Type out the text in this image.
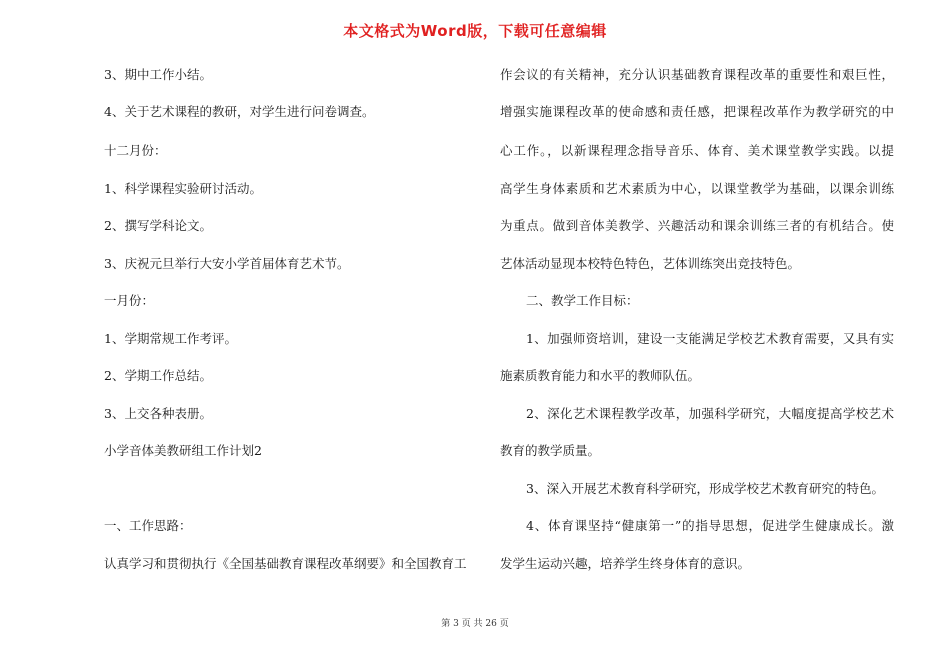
本文格式为Word版，下载可任意编辑
3、期中工作小结。
4、关于艺术课程的教研，对学生进行问卷调查。
十二月份：
1、科学课程实验研讨活动。
2、撰写学科论文。
3、庆祝元旦举行大安小学首届体育艺术节。
一月份：
1、学期常规工作考评。
2、学期工作总结。
3、上交各种表册。
小学音体美教研组工作计划2
一、工作思路：
认真学习和贯彻执行《全国基础教育课程改革纲要》和全国教育工
作会议的有关精神，充分认识基础教育课程改革的重要性和艰巨性，
增强实施课程改革的使命感和责任感，把课程改革作为教学研究的中
心工作。，以新课程理念指导音乐、体育、美术课堂教学实践。以提
高学生身体素质和艺术素质为中心，以课堂教学为基础，以课余训练
为重点。做到音体美教学、兴趣活动和课余训练三者的有机结合。使
艺体活动显现本校特色特色，艺体训练突出竞技特色。
二、教学工作目标：
1、加强师资培训，建设一支能满足学校艺术教育需要，又具有实
施素质教育能力和水平的教师队伍。
2、深化艺术课程教学改革，加强科学研究，大幅度提高学校艺术
教育的教学质量。
3、深入开展艺术教育科学研究，形成学校艺术教育研究的特色。
4、体育课坚持“健康第一”的指导思想，促进学生健康成长。激
发学生运动兴趣，培养学生终身体育的意识。
第 3 页 共 26 页
